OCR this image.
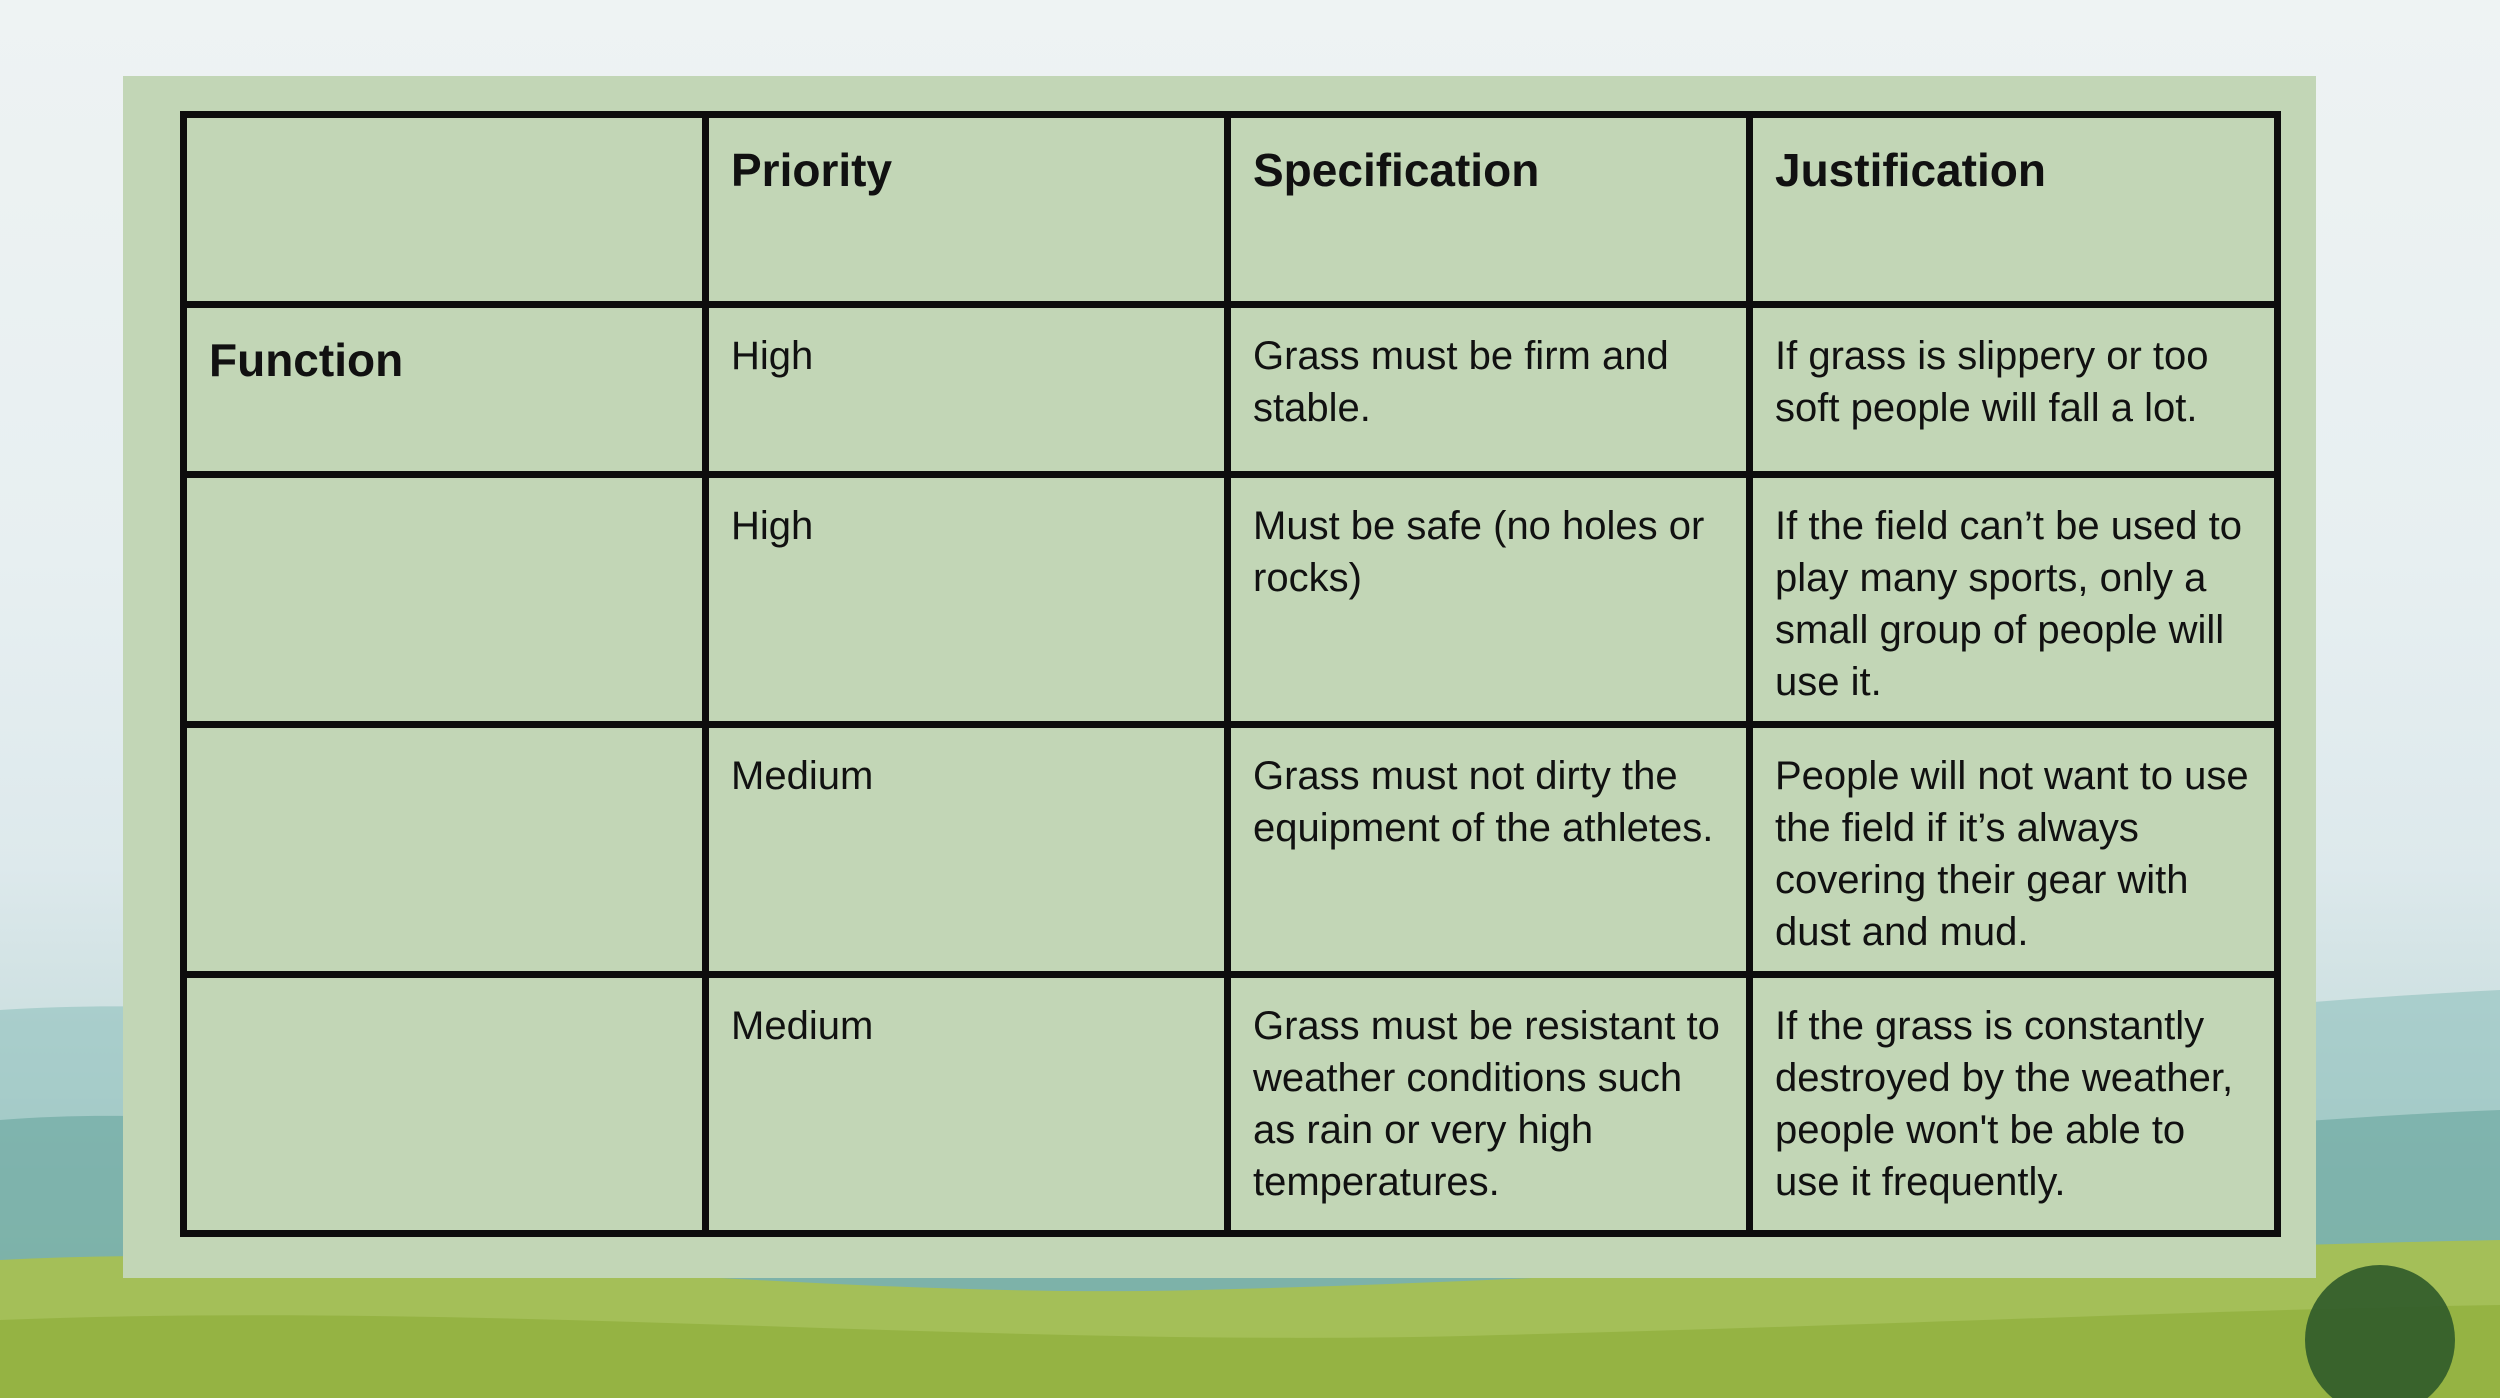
	Priority	Specification	Justification
Function	High	Grass must be firm and stable.	If grass is slippery or too soft people will fall a lot.
	High	Must be safe (no holes or rocks)	If the field can’t be used to play many sports, only a small group of people will use it.
	Medium	Grass must not dirty the equipment of the athletes.	People will not want to use the field if it’s always covering their gear with dust and mud.
	Medium	Grass must be resistant to weather conditions such as rain or very high temperatures.	If the grass is constantly destroyed by the weather, people won't be able to use it frequently.
